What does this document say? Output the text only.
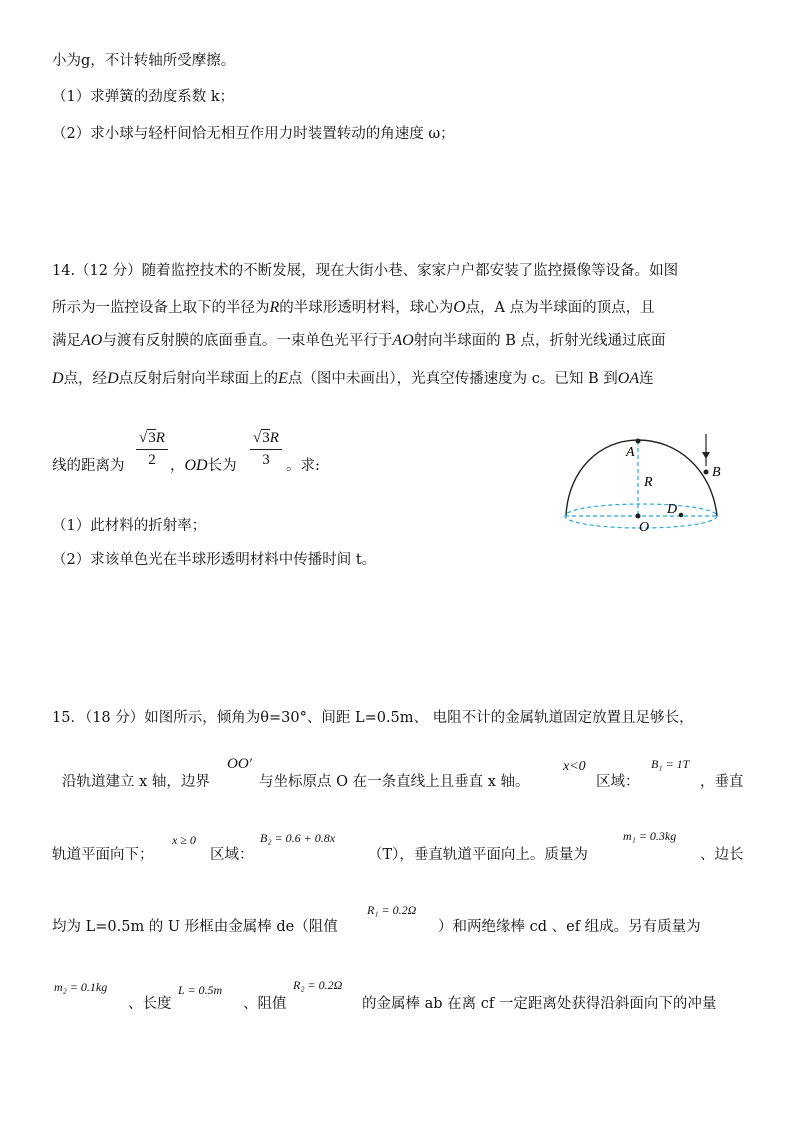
小为g，不计转轴所受摩擦。
（1）求弹簧的劲度系数 k；
（2）求小球与轻杆间恰无相互作用力时装置转动的角速度 ω；
14.（12 分）随着监控技术的不断发展，现在大街小巷、家家户户都安装了监控摄像等设备。如图
所示为一监控设备上取下的半径为R的半球形透明材料，球心为O点，A 点为半球面的顶点，且
满足AO与渡有反射膜的底面垂直。一束单色光平行于AO射向半球面的 B 点，折射光线通过底面
D点，经D点反射后射向半球面上的E点（图中未画出），光真空传播速度为 c。已知 B 到OA连
线的距离为 $\frac{√3R}{2}$ ，OD长为 $\frac{√3R}{3}$ 。求:
（1）此材料的折射率；
（2）求该单色光在半球形透明材料中传播时间 t。
A
B
R
D
O
15．（18 分）如图所示，倾角为θ=30°、间距 L=0.5m、 电阻不计的金属轨道固定放置且足够长，
沿轨道建立 x 轴，边界
OO′
与坐标原点 O 在一条直线上且垂直 x 轴。
x<0
区域：
B₁ = 1T
，垂直
轨道平面向下；
x ≥ 0
区域：
B₂ = 0.6 + 0.8x
（T），垂直轨道平面向上。质量为
m₁ = 0.3kg
、边长
均为 L=0.5m 的 U 形框由金属棒 de（阻值
R₁ = 0.2Ω
）和两绝缘棒 cd 、ef 组成。另有质量为
m₂ = 0.1kg
、长度
L = 0.5m
、阻值
R₂ = 0.2Ω
的金属棒 ab 在离 cf 一定距离处获得沿斜面向下的冲量
